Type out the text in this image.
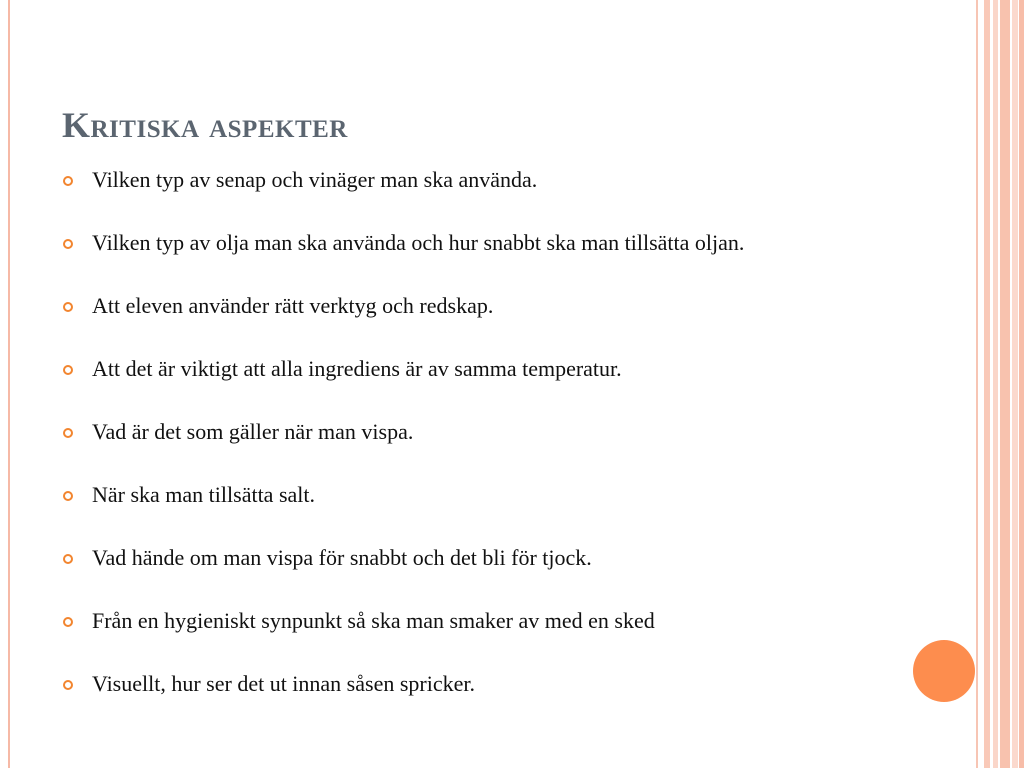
Kritiska aspekter
Vilken typ av senap och vinäger man ska använda.
Vilken typ av olja man ska använda och hur snabbt ska man tillsätta oljan.
Att eleven använder rätt verktyg och redskap.
Att det är viktigt att alla ingrediens är av samma temperatur.
Vad är det som gäller när man vispa.
När ska man tillsätta salt.
Vad hände om man vispa för snabbt och det bli för tjock.
Från en hygieniskt synpunkt så ska man smaker av med en sked
Visuellt, hur ser det ut innan såsen spricker.
